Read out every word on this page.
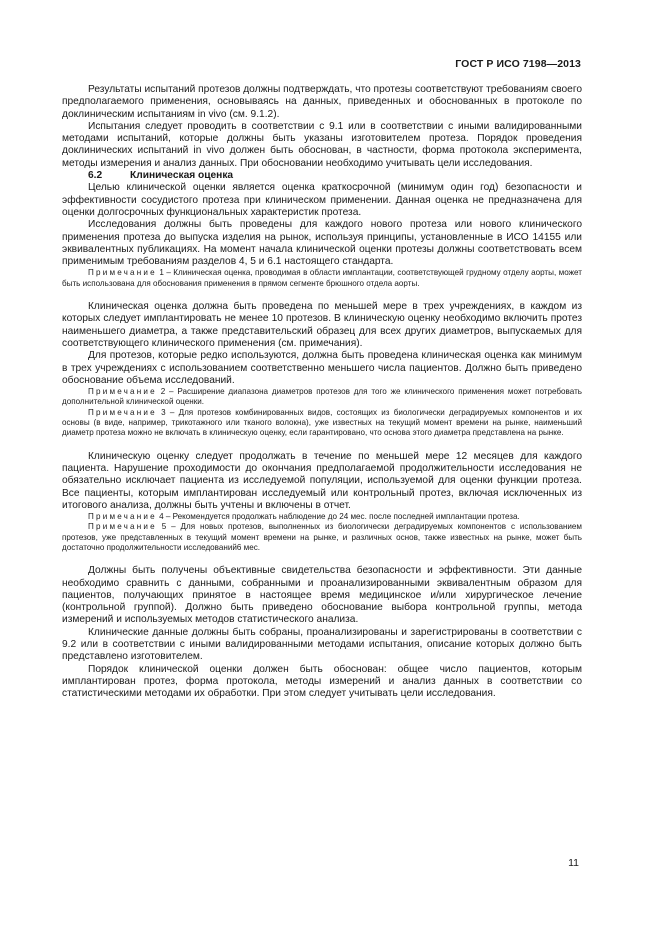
ГОСТ Р ИСО 7198—2013

Результаты испытаний протезов должны подтверждать, что протезы соответствуют требованиям своего предполагаемого применения, основываясь на данных, приведенных и обоснованных в протоколе по доклиническим испытаниям in vivo (см. 9.1.2).

Испытания следует проводить в соответствии с 9.1 или в соответствии с иными валидированными методами испытаний, которые должны быть указаны изготовителем протеза. Порядок проведения доклинических испытаний in vivo должен быть обоснован, в частности, форма протокола эксперимента, методы измерения и анализ данных. При обосновании необходимо учитывать цели исследования.

6.2	Клиническая оценка

Целью клинической оценки является оценка краткосрочной (минимум один год) безопасности и эффективности сосудистого протеза при клиническом применении. Данная оценка не предназначена для оценки долгосрочных функциональных характеристик протеза.

Исследования должны быть проведены для каждого нового протеза или нового клинического применения протеза до выпуска изделия на рынок, используя принципы, установленные в ИСО 14155 или эквивалентных публикациях. На момент начала клинической оценки протезы должны соответствовать всем применимым требованиям разделов 4, 5 и 6.1 настоящего стандарта.

Примечание 1 – Клиническая оценка, проводимая в области имплантации, соответствующей грудному отделу аорты, может быть использована для обоснования применения в прямом сегменте брюшного отдела аорты.

Клиническая оценка должна быть проведена по меньшей мере в трех учреждениях, в каждом из которых следует имплантировать не менее 10 протезов. В клиническую оценку необходимо включить протез наименьшего диаметра, а также представительский образец для всех других диаметров, выпускаемых для соответствующего клинического применения (см. примечания).

Для протезов, которые редко используются, должна быть проведена клиническая оценка как минимум в трех учреждениях с использованием соответственно меньшего числа пациентов. Должно быть приведено обоснование объема исследований.

Примечание 2 – Расширение диапазона диаметров протезов для того же клинического применения может потребовать дополнительной клинической оценки.

Примечание 3 – Для протезов комбинированных видов, состоящих из биологически деградируемых компонентов и их основы (в виде, например, трикотажного или тканого волокна), уже известных на текущий момент времени на рынке, наименьший диаметр протеза можно не включать в клиническую оценку, если гарантировано, что основа этого диаметра представлена на рынке.

Клиническую оценку следует продолжать в течение по меньшей мере 12 месяцев для каждого пациента. Нарушение проходимости до окончания предполагаемой продолжительности исследования не обязательно исключает пациента из исследуемой популяции, используемой для оценки функции протеза. Все пациенты, которым имплантирован исследуемый или контрольный протез, включая исключенных из итогового анализа, должны быть учтены и включены в отчет.

Примечание 4 – Рекомендуется продолжать наблюдение до 24 мес. после последней имплантации протеза.

Примечание 5 – Для новых протезов, выполненных из биологически деградируемых компонентов с использованием протезов, уже представленных в текущий момент времени на рынке, и различных основ, также известных на рынке, может быть достаточно продолжительности исследований6 мес.

Должны быть получены объективные свидетельства безопасности и эффективности. Эти данные необходимо сравнить с данными, собранными и проанализированными эквивалентным образом для пациентов, получающих принятое в настоящее время медицинское и/или хирургическое лечение (контрольной группой). Должно быть приведено обоснование выбора контрольной группы, метода измерений и используемых методов статистического анализа.

Клинические данные должны быть собраны, проанализированы и зарегистрированы в соответствии с 9.2 или в соответствии с иными валидированными методами испытания, описание которых должно быть представлено изготовителем.

Порядок клинической оценки должен быть обоснован: общее число пациентов, которым имплантирован протез, форма протокола, методы измерений и анализ данных в соответствии со статистическими методами их обработки. При этом следует учитывать цели исследования.

11
